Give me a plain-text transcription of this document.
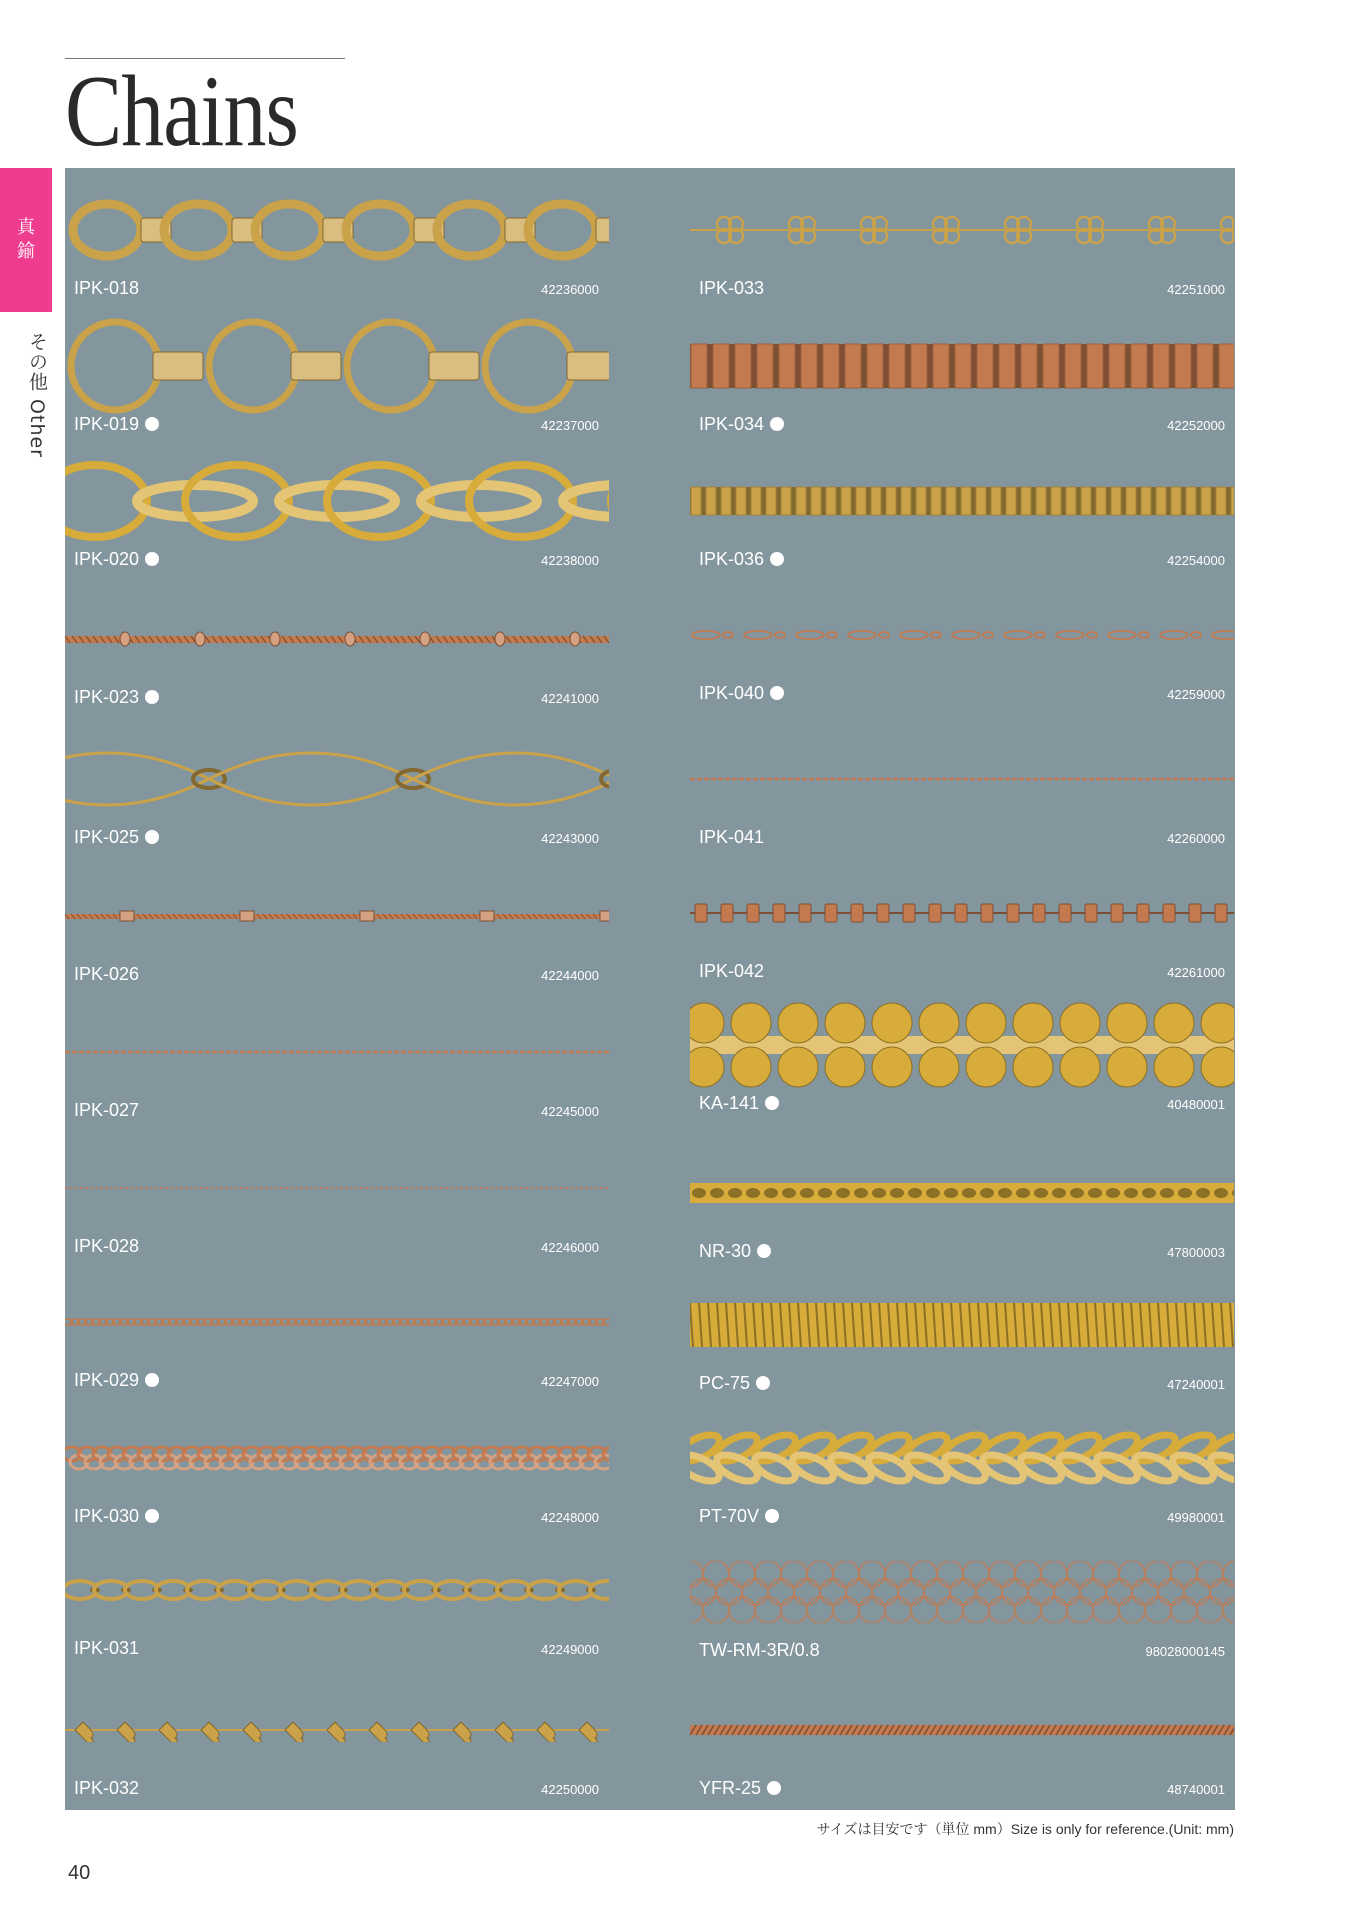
Chains
真
鍮
その他 Other
IPK-018	42236000
IPK-019	42237000
IPK-020	42238000
IPK-023	42241000
IPK-025	42243000
IPK-026	42244000
IPK-027	42245000
IPK-028	42246000
IPK-029	42247000
IPK-030	42248000
IPK-031	42249000
IPK-032	42250000
IPK-033	42251000
IPK-034	42252000
IPK-036	42254000
IPK-040	42259000
IPK-041	42260000
IPK-042	42261000
KA-141	40480001
NR-30	47800003
PC-75	47240001
PT-70V	49980001
TW-RM-3R/0.8	98028000145
YFR-25	48740001
サイズは目安です（単位 mm）Size is only for reference.(Unit: mm)
40
